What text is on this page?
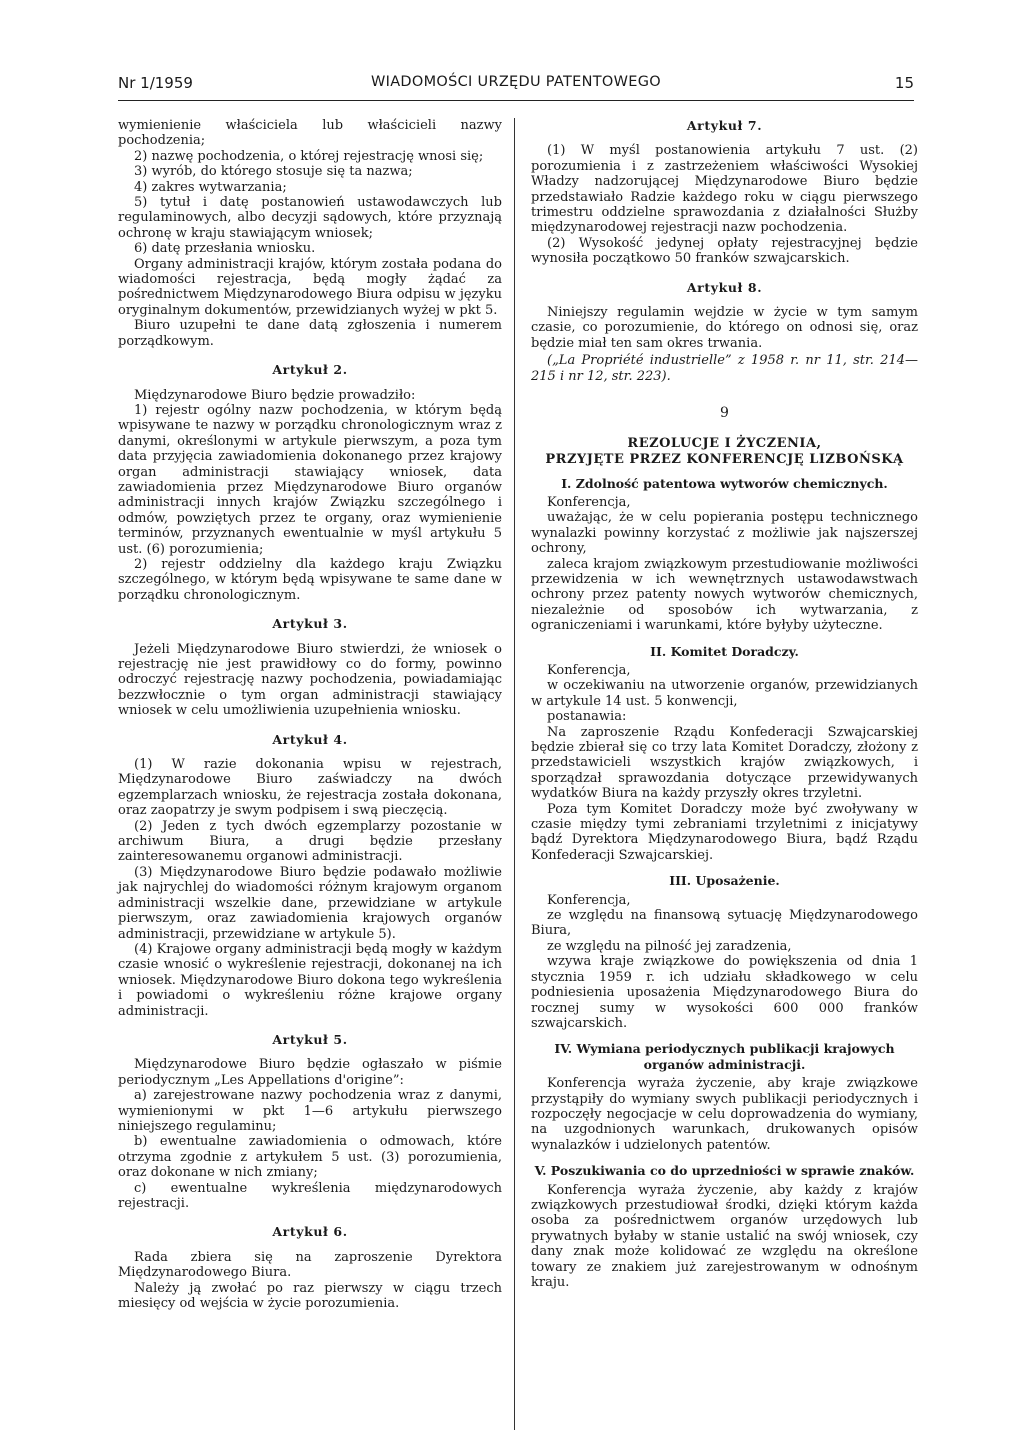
Nr 1/1959	WIADOMOŚCI URZĘDU PATENTOWEGO	15

wymienienie właściciela lub właścicieli nazwy pochodzenia;

2) nazwę pochodzenia, o której rejestrację wnosi się;

3) wyrób, do którego stosuje się ta nazwa;

4) zakres wytwarzania;

5) tytuł i datę postanowień ustawodawczych lub regulaminowych, albo decyzji sądowych, które przyznają ochronę w kraju stawiającym wniosek;

6) datę przesłania wniosku.

Organy administracji krajów, którym została podana do wiadomości rejestracja, będą mogły żądać za pośrednictwem Międzynarodowego Biura odpisu w języku oryginalnym dokumentów, przewidzianych wyżej w pkt 5.

Biuro uzupełni te dane datą zgłoszenia i numerem porządkowym.

Artykuł 2.

Międzynarodowe Biuro będzie prowadziło:

1) rejestr ogólny nazw pochodzenia, w którym będą wpisywane te nazwy w porządku chronologicznym wraz z danymi, określonymi w artykule pierwszym, a poza tym data przyjęcia zawiadomienia dokonanego przez krajowy organ administracji stawiający wniosek, data zawiadomienia przez Międzynarodowe Biuro organów administracji innych krajów Związku szczególnego i odmów, powziętych przez te organy, oraz wymienienie terminów, przyznanych ewentualnie w myśl artykułu 5 ust. (6) porozumienia;

2) rejestr oddzielny dla każdego kraju Związku szczególnego, w którym będą wpisywane te same dane w porządku chronologicznym.

Artykuł 3.

Jeżeli Międzynarodowe Biuro stwierdzi, że wniosek o rejestrację nie jest prawidłowy co do formy, powinno odroczyć rejestrację nazwy pochodzenia, powiadamiając bezzwłocznie o tym organ administracji stawiający wniosek w celu umożliwienia uzupełnienia wniosku.

Artykuł 4.

(1) W razie dokonania wpisu w rejestrach, Międzynarodowe Biuro zaświadczy na dwóch egzemplarzach wniosku, że rejestracja została dokonana, oraz zaopatrzy je swym podpisem i swą pieczęcią.

(2) Jeden z tych dwóch egzemplarzy pozostanie w archiwum Biura, a drugi będzie przesłany zainteresowanemu organowi administracji.

(3) Międzynarodowe Biuro będzie podawało możliwie jak najrychlej do wiadomości różnym krajowym organom administracji wszelkie dane, przewidziane w artykule pierwszym, oraz zawiadomienia krajowych organów administracji, przewidziane w artykule 5).

(4) Krajowe organy administracji będą mogły w każdym czasie wnosić o wykreślenie rejestracji, dokonanej na ich wniosek. Międzynarodowe Biuro dokona tego wykreślenia i powiadomi o wykreśleniu różne krajowe organy administracji.

Artykuł 5.

Międzynarodowe Biuro będzie ogłaszało w piśmie periodycznym „Les Appellations d'origine”:

a) zarejestrowane nazwy pochodzenia wraz z danymi, wymienionymi w pkt 1—6 artykułu pierwszego niniejszego regulaminu;

b) ewentualne zawiadomienia o odmowach, które otrzyma zgodnie z artykułem 5 ust. (3) porozumienia, oraz dokonane w nich zmiany;

c) ewentualne wykreślenia międzynarodowych rejestracji.

Artykuł 6.

Rada zbiera się na zaproszenie Dyrektora Międzynarodowego Biura.

Należy ją zwołać po raz pierwszy w ciągu trzech miesięcy od wejścia w życie porozumienia.

Artykuł 7.

(1) W myśl postanowienia artykułu 7 ust. (2) porozumienia i z zastrzeżeniem właściwości Wysokiej Władzy nadzorującej Międzynarodowe Biuro będzie przedstawiało Radzie każdego roku w ciągu pierwszego trimestru oddzielne sprawozdania z działalności Służby międzynarodowej rejestracji nazw pochodzenia.

(2) Wysokość jedynej opłaty rejestracyjnej będzie wynosiła początkowo 50 franków szwajcarskich.

Artykuł 8.

Niniejszy regulamin wejdzie w życie w tym samym czasie, co porozumienie, do którego on odnosi się, oraz będzie miał ten sam okres trwania.

(„La Propriété industrielle” z 1958 r. nr 11, str. 214—215 i nr 12, str. 223).

9

REZOLUCJE I ŻYCZENIA,
PRZYJĘTE PRZEZ KONFERENCJĘ LIZBOŃSKĄ

I. Zdolność patentowa wytworów chemicznych.

Konferencja,

uważając, że w celu popierania postępu technicznego wynalazki powinny korzystać z możliwie jak najszerszej ochrony,

zaleca krajom związkowym przestudiowanie możliwości przewidzenia w ich wewnętrznych ustawodawstwach ochrony przez patenty nowych wytworów chemicznych, niezależnie od sposobów ich wytwarzania, z ograniczeniami i warunkami, które byłyby użyteczne.

II. Komitet Doradczy.

Konferencja,

w oczekiwaniu na utworzenie organów, przewidzianych w artykule 14 ust. 5 konwencji,

postanawia:

Na zaproszenie Rządu Konfederacji Szwajcarskiej będzie zbierał się co trzy lata Komitet Doradczy, złożony z przedstawicieli wszystkich krajów związkowych, i sporządzał sprawozdania dotyczące przewidywanych wydatków Biura na każdy przyszły okres trzyletni.

Poza tym Komitet Doradczy może być zwoływany w czasie między tymi zebraniami trzyletnimi z inicjatywy bądź Dyrektora Międzynarodowego Biura, bądź Rządu Konfederacji Szwajcarskiej.

III. Uposażenie.

Konferencja,

ze względu na finansową sytuację Międzynarodowego Biura,

ze względu na pilność jej zaradzenia,

wzywa kraje związkowe do powiększenia od dnia 1 stycznia 1959 r. ich udziału składkowego w celu podniesienia uposażenia Międzynarodowego Biura do rocznej sumy w wysokości 600 000 franków szwajcarskich.

IV. Wymiana periodycznych publikacji krajowych organów administracji.

Konferencja wyraża życzenie, aby kraje związkowe przystąpiły do wymiany swych publikacji periodycznych i rozpoczęły negocjacje w celu doprowadzenia do wymiany, na uzgodnionych warunkach, drukowanych opisów wynalazków i udzielonych patentów.

V. Poszukiwania co do uprzedniości w sprawie znaków.

Konferencja wyraża życzenie, aby każdy z krajów związkowych przestudiował środki, dzięki którym każda osoba za pośrednictwem organów urzędowych lub prywatnych byłaby w stanie ustalić na swój wniosek, czy dany znak może kolidować ze względu na określone towary ze znakiem już zarejestrowanym w odnośnym kraju.
